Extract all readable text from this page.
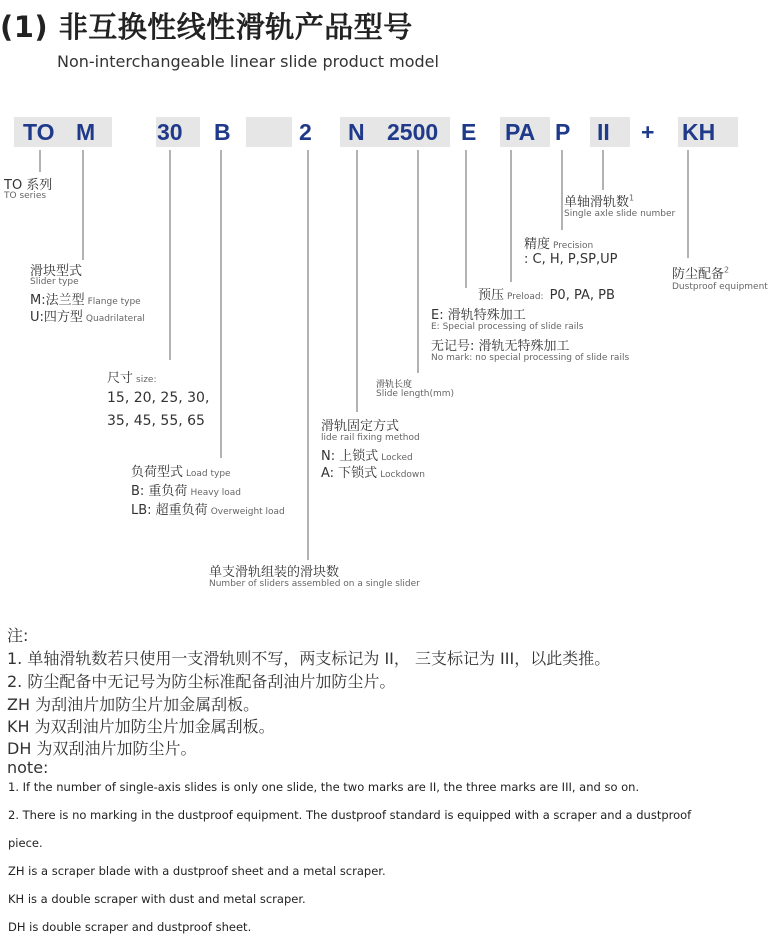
(1) 非互换性线性滑轨产品型号
Non-interchangeable linear slide product model
TO M	30 B	2 N 2500 E PA P II + KH
TO 系列
TO series
滑块型式
Slider type
M:法兰型 Flange type
U:四方型 Quadrilateral
尺寸 size:
15, 20, 25, 30,
35, 45, 55, 65
负荷型式 Load type
B: 重负荷 Heavy load
LB: 超重负荷 Overweight load
单支滑轨组装的滑块数
Number of sliders assembled on a single slider
滑轨固定方式
lide rail fixing method
N: 上锁式 Locked
A: 下锁式 Lockdown
滑轨长度
Slide length(mm)
E: 滑轨特殊加工
E: Special processing of slide rails
无记号: 滑轨无特殊加工
No mark: no special processing of slide rails
预压 Preload: P0, PA, PB
精度 Precision
: C, H, P,SP,UP
单轴滑轨数$^1$
Single axle slide number
防尘配备$^2$
Dustproof equipment
注:
1. 单轴滑轨数若只使用一支滑轨则不写，两支标记为 II， 三支标记为 III，以此类推。
2. 防尘配备中无记号为防尘标准配备刮油片加防尘片。
ZH 为刮油片加防尘片加金属刮板。
KH 为双刮油片加防尘片加金属刮板。
DH 为双刮油片加防尘片。
note:
1. If the number of single-axis slides is only one slide, the two marks are II, the three marks are III, and so on.
2. There is no marking in the dustproof equipment. The dustproof standard is equipped with a scraper and a dustproof
piece.
ZH is a scraper blade with a dustproof sheet and a metal scraper.
KH is a double scraper with dust and metal scraper.
DH is double scraper and dustproof sheet.
